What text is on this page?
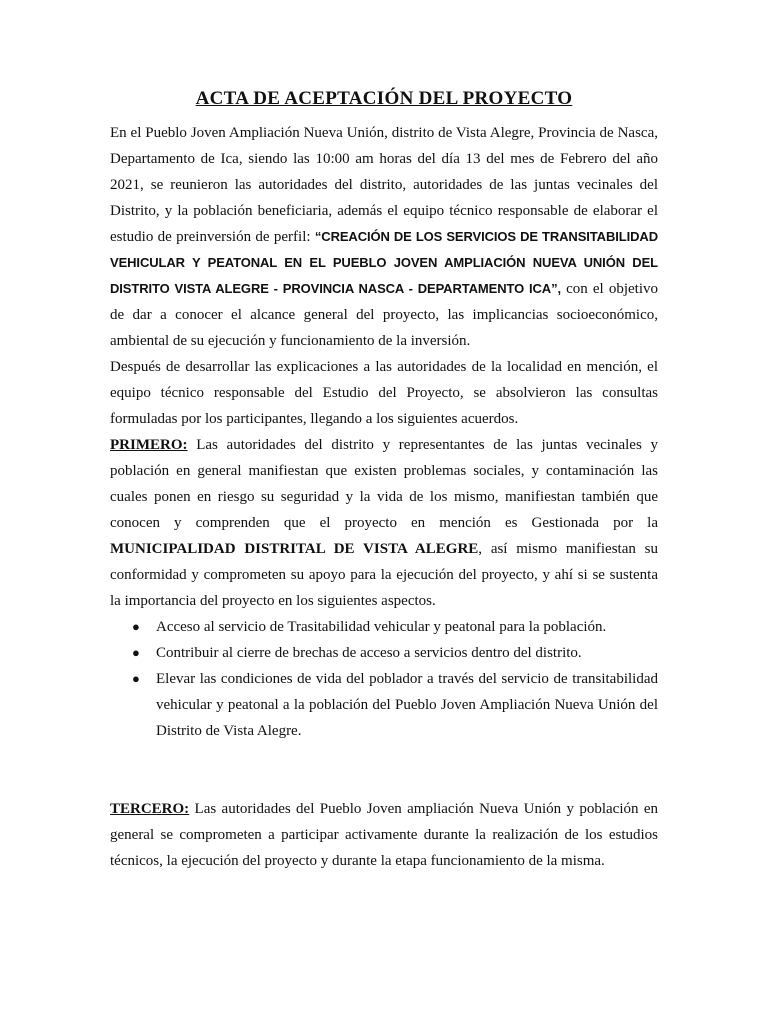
ACTA DE ACEPTACIÓN DEL PROYECTO

En el Pueblo Joven Ampliación Nueva Unión, distrito de Vista Alegre, Provincia de Nasca, Departamento de Ica, siendo las 10:00 am horas del día 13 del mes de Febrero del año 2021, se reunieron las autoridades del distrito, autoridades de las juntas vecinales del Distrito, y la población beneficiaria, además el equipo técnico responsable de elaborar el estudio de preinversión de perfil: “CREACIÓN DE LOS SERVICIOS DE TRANSITABILIDAD VEHICULAR Y PEATONAL EN EL PUEBLO JOVEN AMPLIACIÓN NUEVA UNIÓN DEL DISTRITO VISTA ALEGRE - PROVINCIA NASCA - DEPARTAMENTO ICA”, con el objetivo de dar a conocer el alcance general del proyecto, las implicancias socioeconómico, ambiental de su ejecución y funcionamiento de la inversión.

Después de desarrollar las explicaciones a las autoridades de la localidad en mención, el equipo técnico responsable del Estudio del Proyecto, se absolvieron las consultas formuladas por los participantes, llegando a los siguientes acuerdos.

PRIMERO: Las autoridades del distrito y representantes de las juntas vecinales y población en general manifiestan que existen problemas sociales, y contaminación las cuales ponen en riesgo su seguridad y la vida de los mismo, manifiestan también que conocen y comprenden que el proyecto en mención es Gestionada por la MUNICIPALIDAD DISTRITAL DE VISTA ALEGRE, así mismo manifiestan su conformidad y comprometen su apoyo para la ejecución del proyecto, y ahí si se sustenta la importancia del proyecto en los siguientes aspectos.

● Acceso al servicio de Trasitabilidad vehicular y peatonal para la población.
● Contribuir al cierre de brechas de acceso a servicios dentro del distrito.
● Elevar las condiciones de vida del poblador a través del servicio de transitabilidad vehicular y peatonal a la población del Pueblo Joven Ampliación Nueva Unión del Distrito de Vista Alegre.

TERCERO: Las autoridades del Pueblo Joven ampliación Nueva Unión y población en general se comprometen a participar activamente durante la realización de los estudios técnicos, la ejecución del proyecto y durante la etapa funcionamiento de la misma.
